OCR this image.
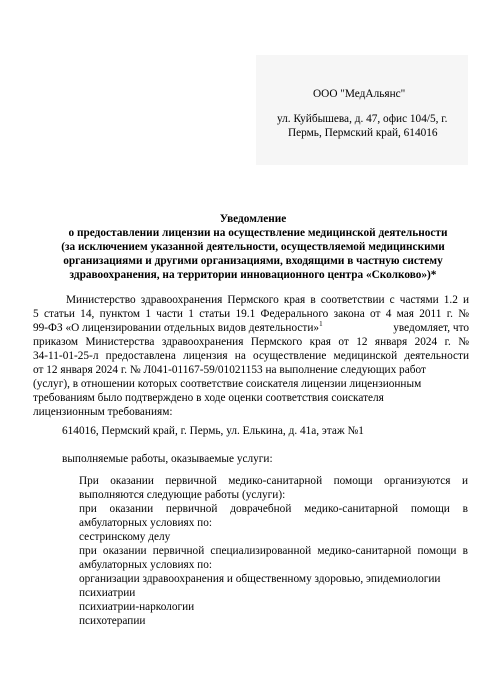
ООО "МедАльянс"
ул. Куйбышева, д. 47, офис 104/5, г.
Пермь, Пермский край, 614016
Уведомление
о предоставлении лицензии на осуществление медицинской деятельности
(за исключением указанной деятельности, осуществляемой медицинскими
организациями и другими организациями, входящими в частную систему
здравоохранения, на территории инновационного центра «Сколково»)*
Министерство здравоохранения Пермского края в соответствии с частями 1.2 и
5 статьи 14, пунктом 1 части 1 статьи 19.1 Федерального закона от 4 мая 2011 г. №
99-ФЗ «О лицензировании отдельных видов деятельности»$^1$	уведомляет, что
приказом Министерства здравоохранения Пермского края от 12 января 2024 г. №
34-11-01-25-л предоставлена лицензия на осуществление медицинской деятельности
от 12 января 2024 г. № Л041-01167-59/01021153 на выполнение следующих работ
(услуг), в отношении которых соответствие соискателя лицензии лицензионным
требованиям было подтверждено в ходе оценки соответствия соискателя
лицензионным требованиям:
614016, Пермский край, г. Пермь, ул. Елькина, д. 41а, этаж №1
выполняемые работы, оказываемые услуги:
При оказании первичной медико-санитарной помощи организуются и
выполняются следующие работы (услуги):
при оказании первичной доврачебной медико-санитарной помощи в
амбулаторных условиях по:
сестринскому делу
при оказании первичной специализированной медико-санитарной помощи в
амбулаторных условиях по:
организации здравоохранения и общественному здоровью, эпидемиологии
психиатрии
психиатрии-наркологии
психотерапии
